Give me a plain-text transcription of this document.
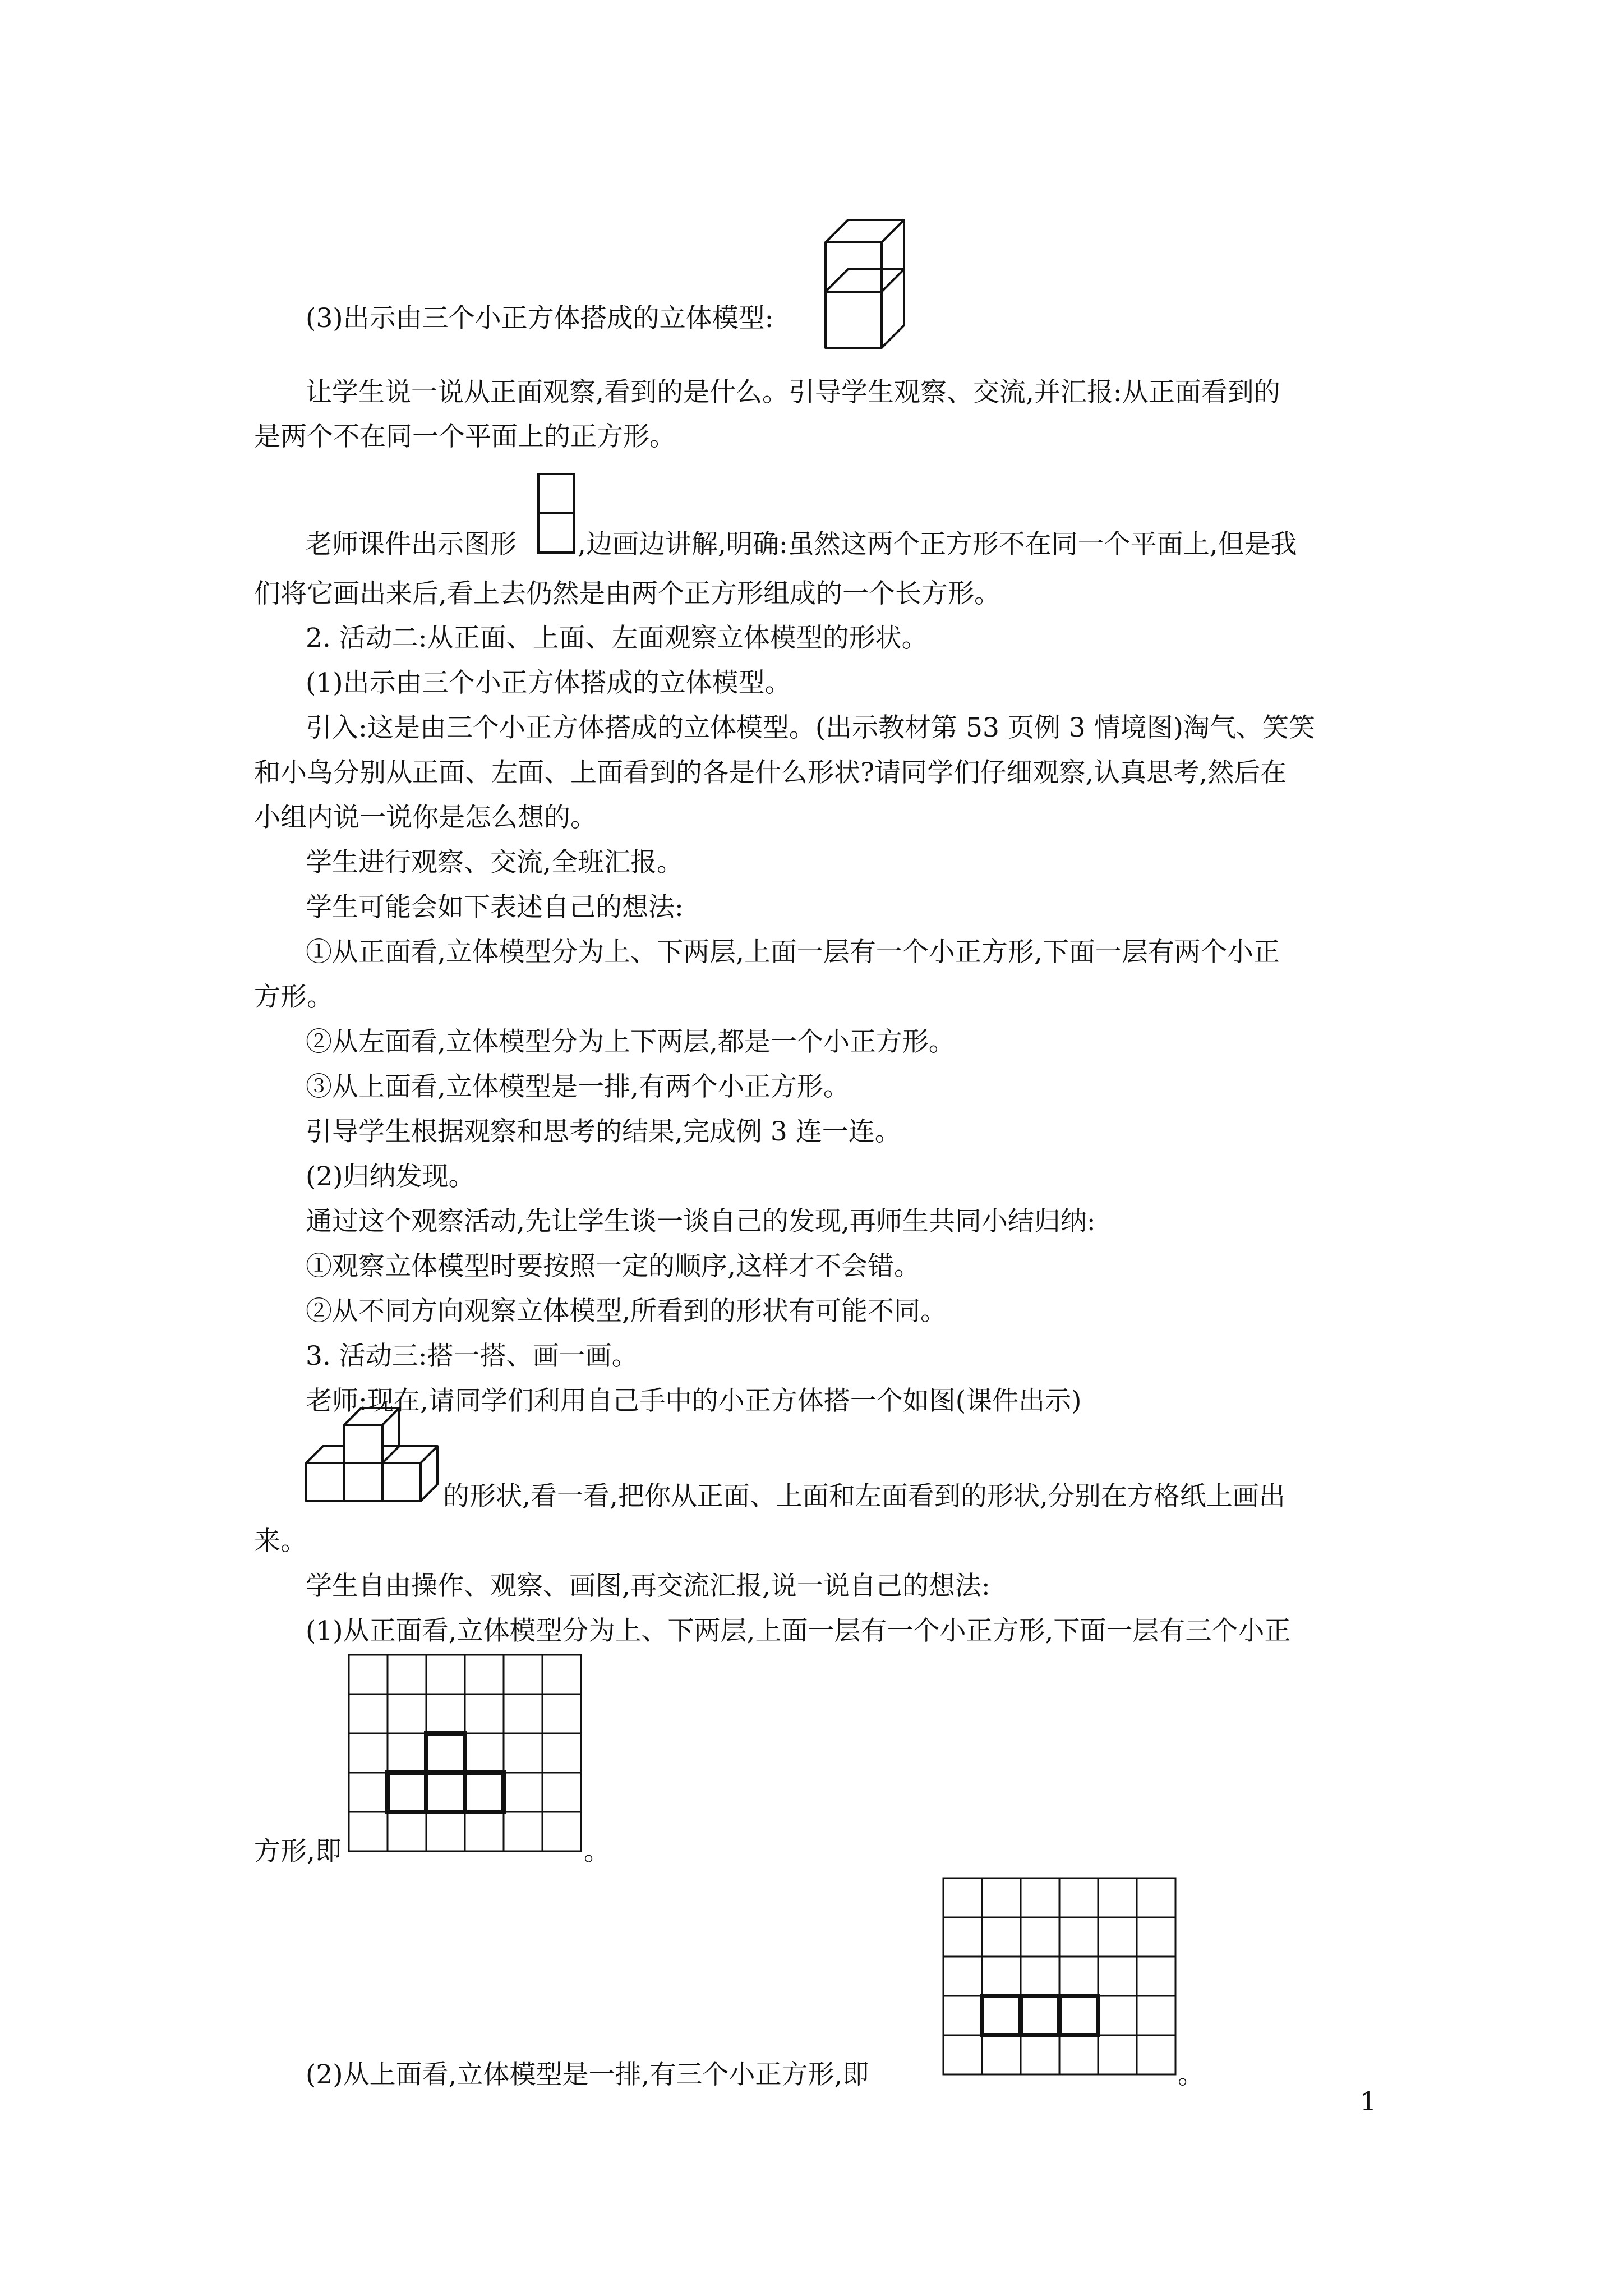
(3)出示由三个小正方体搭成的立体模型:
让学生说一说从正面观察,看到的是什么。引导学生观察、交流,并汇报:从正面看到的
是两个不在同一个平面上的正方形。
老师课件出示图形 ,边画边讲解,明确:虽然这两个正方形不在同一个平面上,但是我
们将它画出来后,看上去仍然是由两个正方形组成的一个长方形。
2. 活动二:从正面、上面、左面观察立体模型的形状。
(1)出示由三个小正方体搭成的立体模型。
引入:这是由三个小正方体搭成的立体模型。(出示教材第 53 页例 3 情境图)淘气、笑笑
和小鸟分别从正面、左面、上面看到的各是什么形状?请同学们仔细观察,认真思考,然后在
小组内说一说你是怎么想的。
学生进行观察、交流,全班汇报。
学生可能会如下表述自己的想法:
①从正面看,立体模型分为上、下两层,上面一层有一个小正方形,下面一层有两个小正
方形。
②从左面看,立体模型分为上下两层,都是一个小正方形。
③从上面看,立体模型是一排,有两个小正方形。
引导学生根据观察和思考的结果,完成例 3 连一连。
(2)归纳发现。
通过这个观察活动,先让学生谈一谈自己的发现,再师生共同小结归纳:
①观察立体模型时要按照一定的顺序,这样才不会错。
②从不同方向观察立体模型,所看到的形状有可能不同。
3. 活动三:搭一搭、画一画。
老师:现在,请同学们利用自己手中的小正方体搭一个如图(课件出示)
的形状,看一看,把你从正面、上面和左面看到的形状,分别在方格纸上画出
来。
学生自由操作、观察、画图,再交流汇报,说一说自己的想法:
(1)从正面看,立体模型分为上、下两层,上面一层有一个小正方形,下面一层有三个小正
方形,即	。
(2)从上面看,立体模型是一排,有三个小正方形,即	。
1
